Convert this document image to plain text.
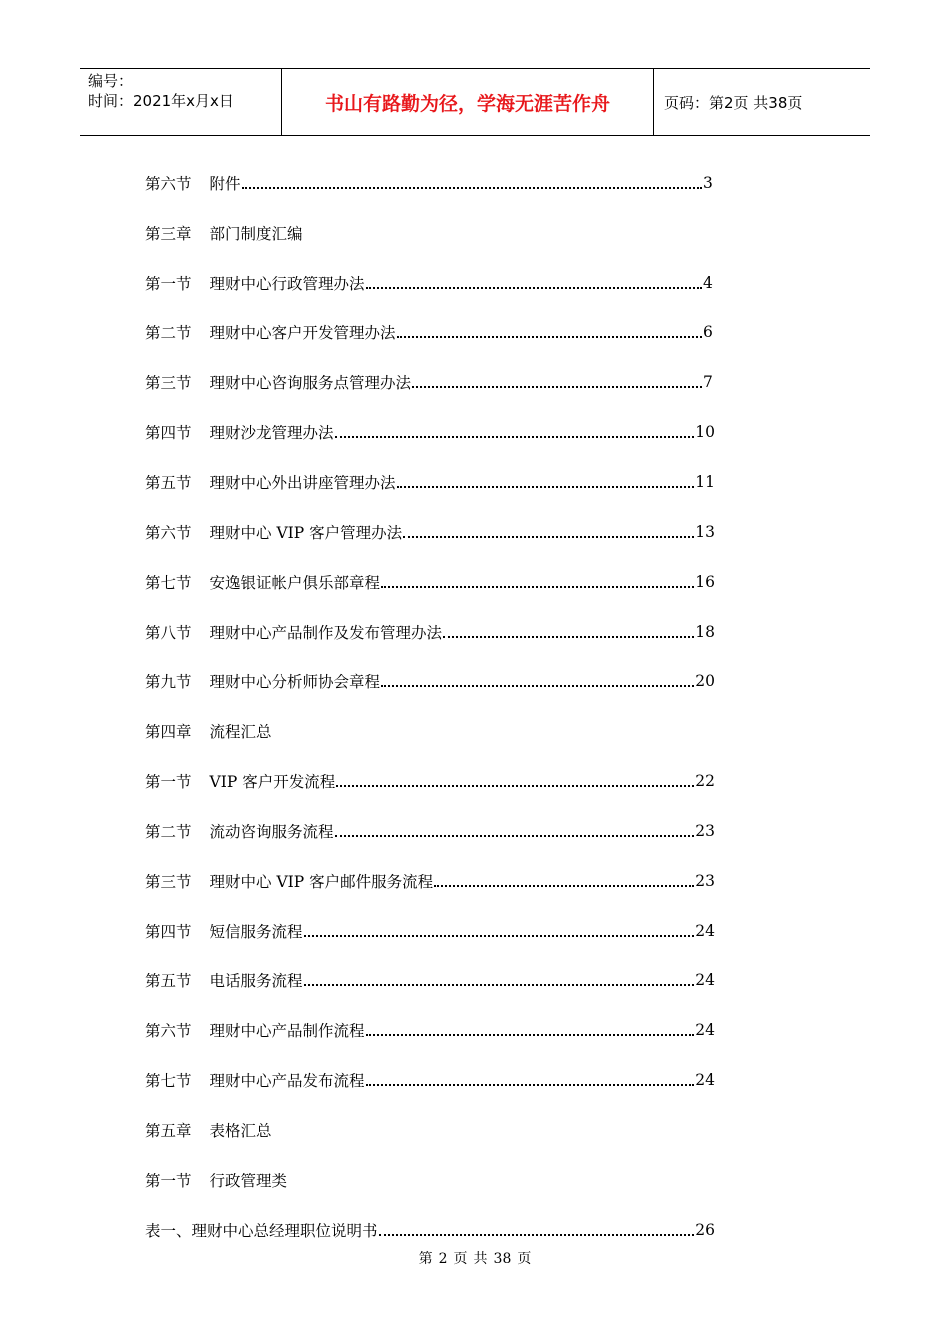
编号：
时间：2021年x月x日	书山有路勤为径，学海无涯苦作舟	页码：第2页 共38页
第六节 附件	3
第三章 部门制度汇编
第一节 理财中心行政管理办法	4
第二节 理财中心客户开发管理办法	6
第三节 理财中心咨询服务点管理办法	7
第四节 理财沙龙管理办法	10
第五节 理财中心外出讲座管理办法	11
第六节 理财中心 VIP 客户管理办法	13
第七节 安逸银证帐户俱乐部章程	16
第八节 理财中心产品制作及发布管理办法	18
第九节 理财中心分析师协会章程	20
第四章 流程汇总
第一节 VIP 客户开发流程	22
第二节 流动咨询服务流程	23
第三节 理财中心 VIP 客户邮件服务流程	23
第四节 短信服务流程	24
第五节 电话服务流程	24
第六节 理财中心产品制作流程	24
第七节 理财中心产品发布流程	24
第五章 表格汇总
第一节 行政管理类
表一、 理财中心总经理职位说明书	26
第 2 页 共 38 页
